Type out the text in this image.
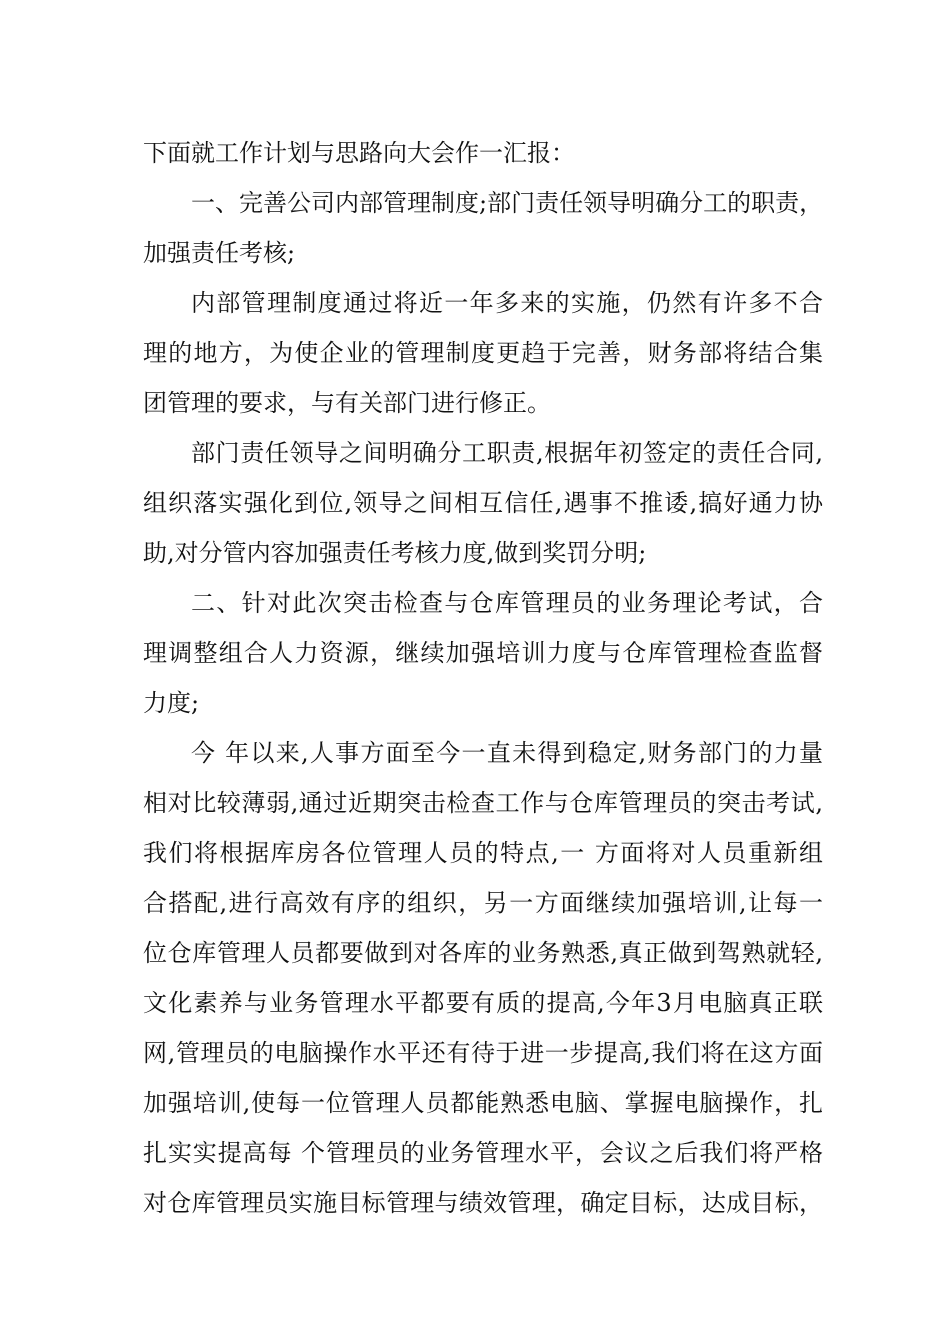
下面就工作计划与思路向大会作一汇报：
一、完善公司内部管理制度;部门责任领导明确分工的职责，
加强责任考核;
内部管理制度通过将近一年多来的实施，仍然有许多不合
理的地方，为使企业的管理制度更趋于完善，财务部将结合集
团管理的要求，与有关部门进行修正。
部门责任领导之间明确分工职责,根据年初签定的责任合同,
组织落实强化到位,领导之间相互信任,遇事不推诿,搞好通力协
助,对分管内容加强责任考核力度,做到奖罚分明;
二、针对此次突击检查与仓库管理员的业务理论考试，合
理调整组合人力资源，继续加强培训力度与仓库管理检查监督
力度;
今 年以来,人事方面至今一直未得到稳定,财务部门的力量
相对比较薄弱,通过近期突击检查工作与仓库管理员的突击考试,
我们将根据库房各位管理人员的特点,一 方面将对人员重新组
合搭配,进行高效有序的组织，另一方面继续加强培训,让每一
位仓库管理人员都要做到对各库的业务熟悉,真正做到驾熟就轻,
文化素养与业务管理水平都要有质的提高,今年3月电脑真正联
网,管理员的电脑操作水平还有待于进一步提高,我们将在这方面
加强培训,使每一位管理人员都能熟悉电脑、掌握电脑操作，扎
扎实实提高每 个管理员的业务管理水平，会议之后我们将严格
对仓库管理员实施目标管理与绩效管理，确定目标，达成目标，
